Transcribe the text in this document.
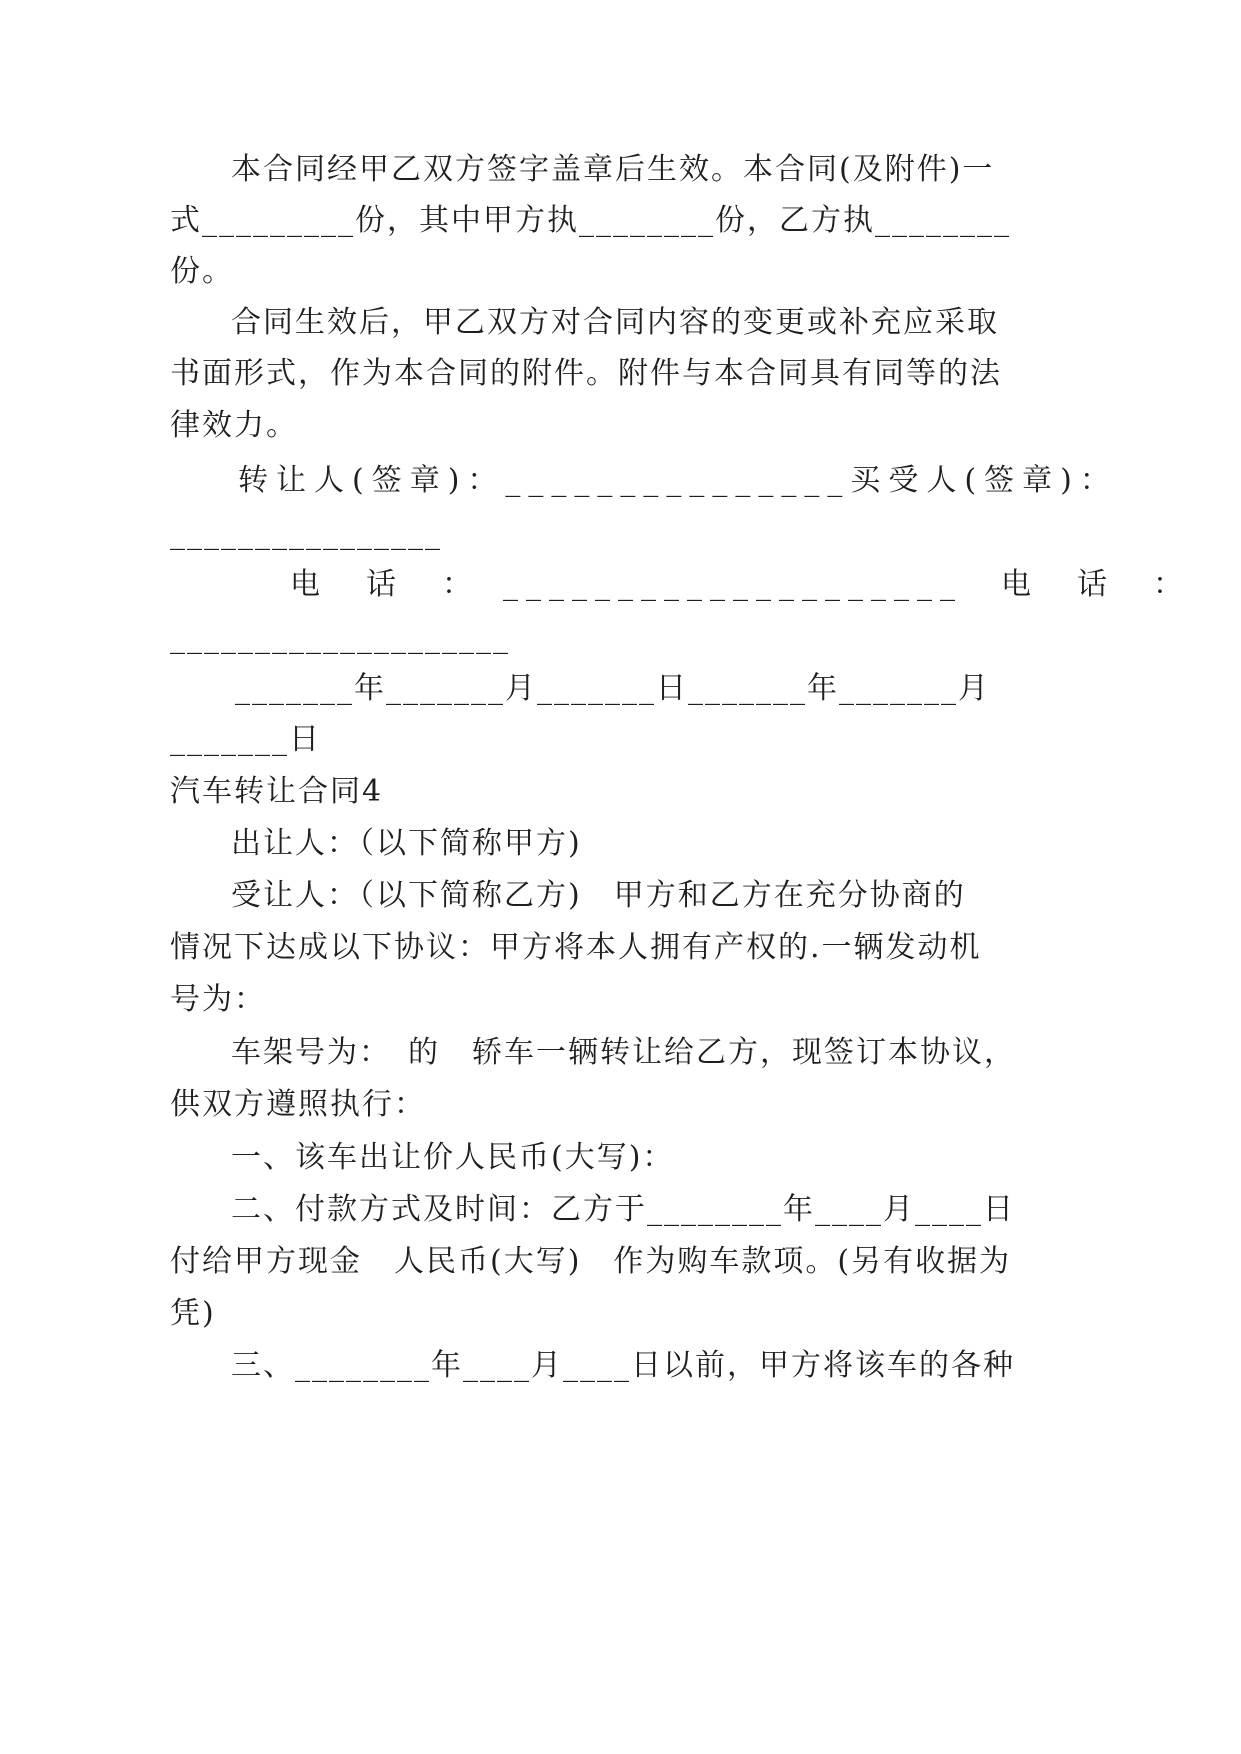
本合同经甲乙双方签字盖章后生效。本合同(及附件)一
式_________份，其中甲方执________份，乙方执________
份。
合同生效后，甲乙双方对合同内容的变更或补充应采取
书面形式，作为本合同的附件。附件与本合同具有同等的法
律效力。
转让人(签章)：_______________买受人(签章)：
________________
电　话　：　____________________　电　话　：
____________________
_______年_______月_______日_______年_______月
_______日
汽车转让合同4
出让人：（以下简称甲方)
受让人：（以下简称乙方)　甲方和乙方在充分协商的
情况下达成以下协议：甲方将本人拥有产权的.一辆发动机
号为：
车架号为：　的　轿车一辆转让给乙方，现签订本协议，
供双方遵照执行：
一、该车出让价人民币(大写)：
二、付款方式及时间：乙方于________年____月____日
付给甲方现金　人民币(大写)　作为购车款项。(另有收据为
凭)
三、________年____月____日以前，甲方将该车的各种
